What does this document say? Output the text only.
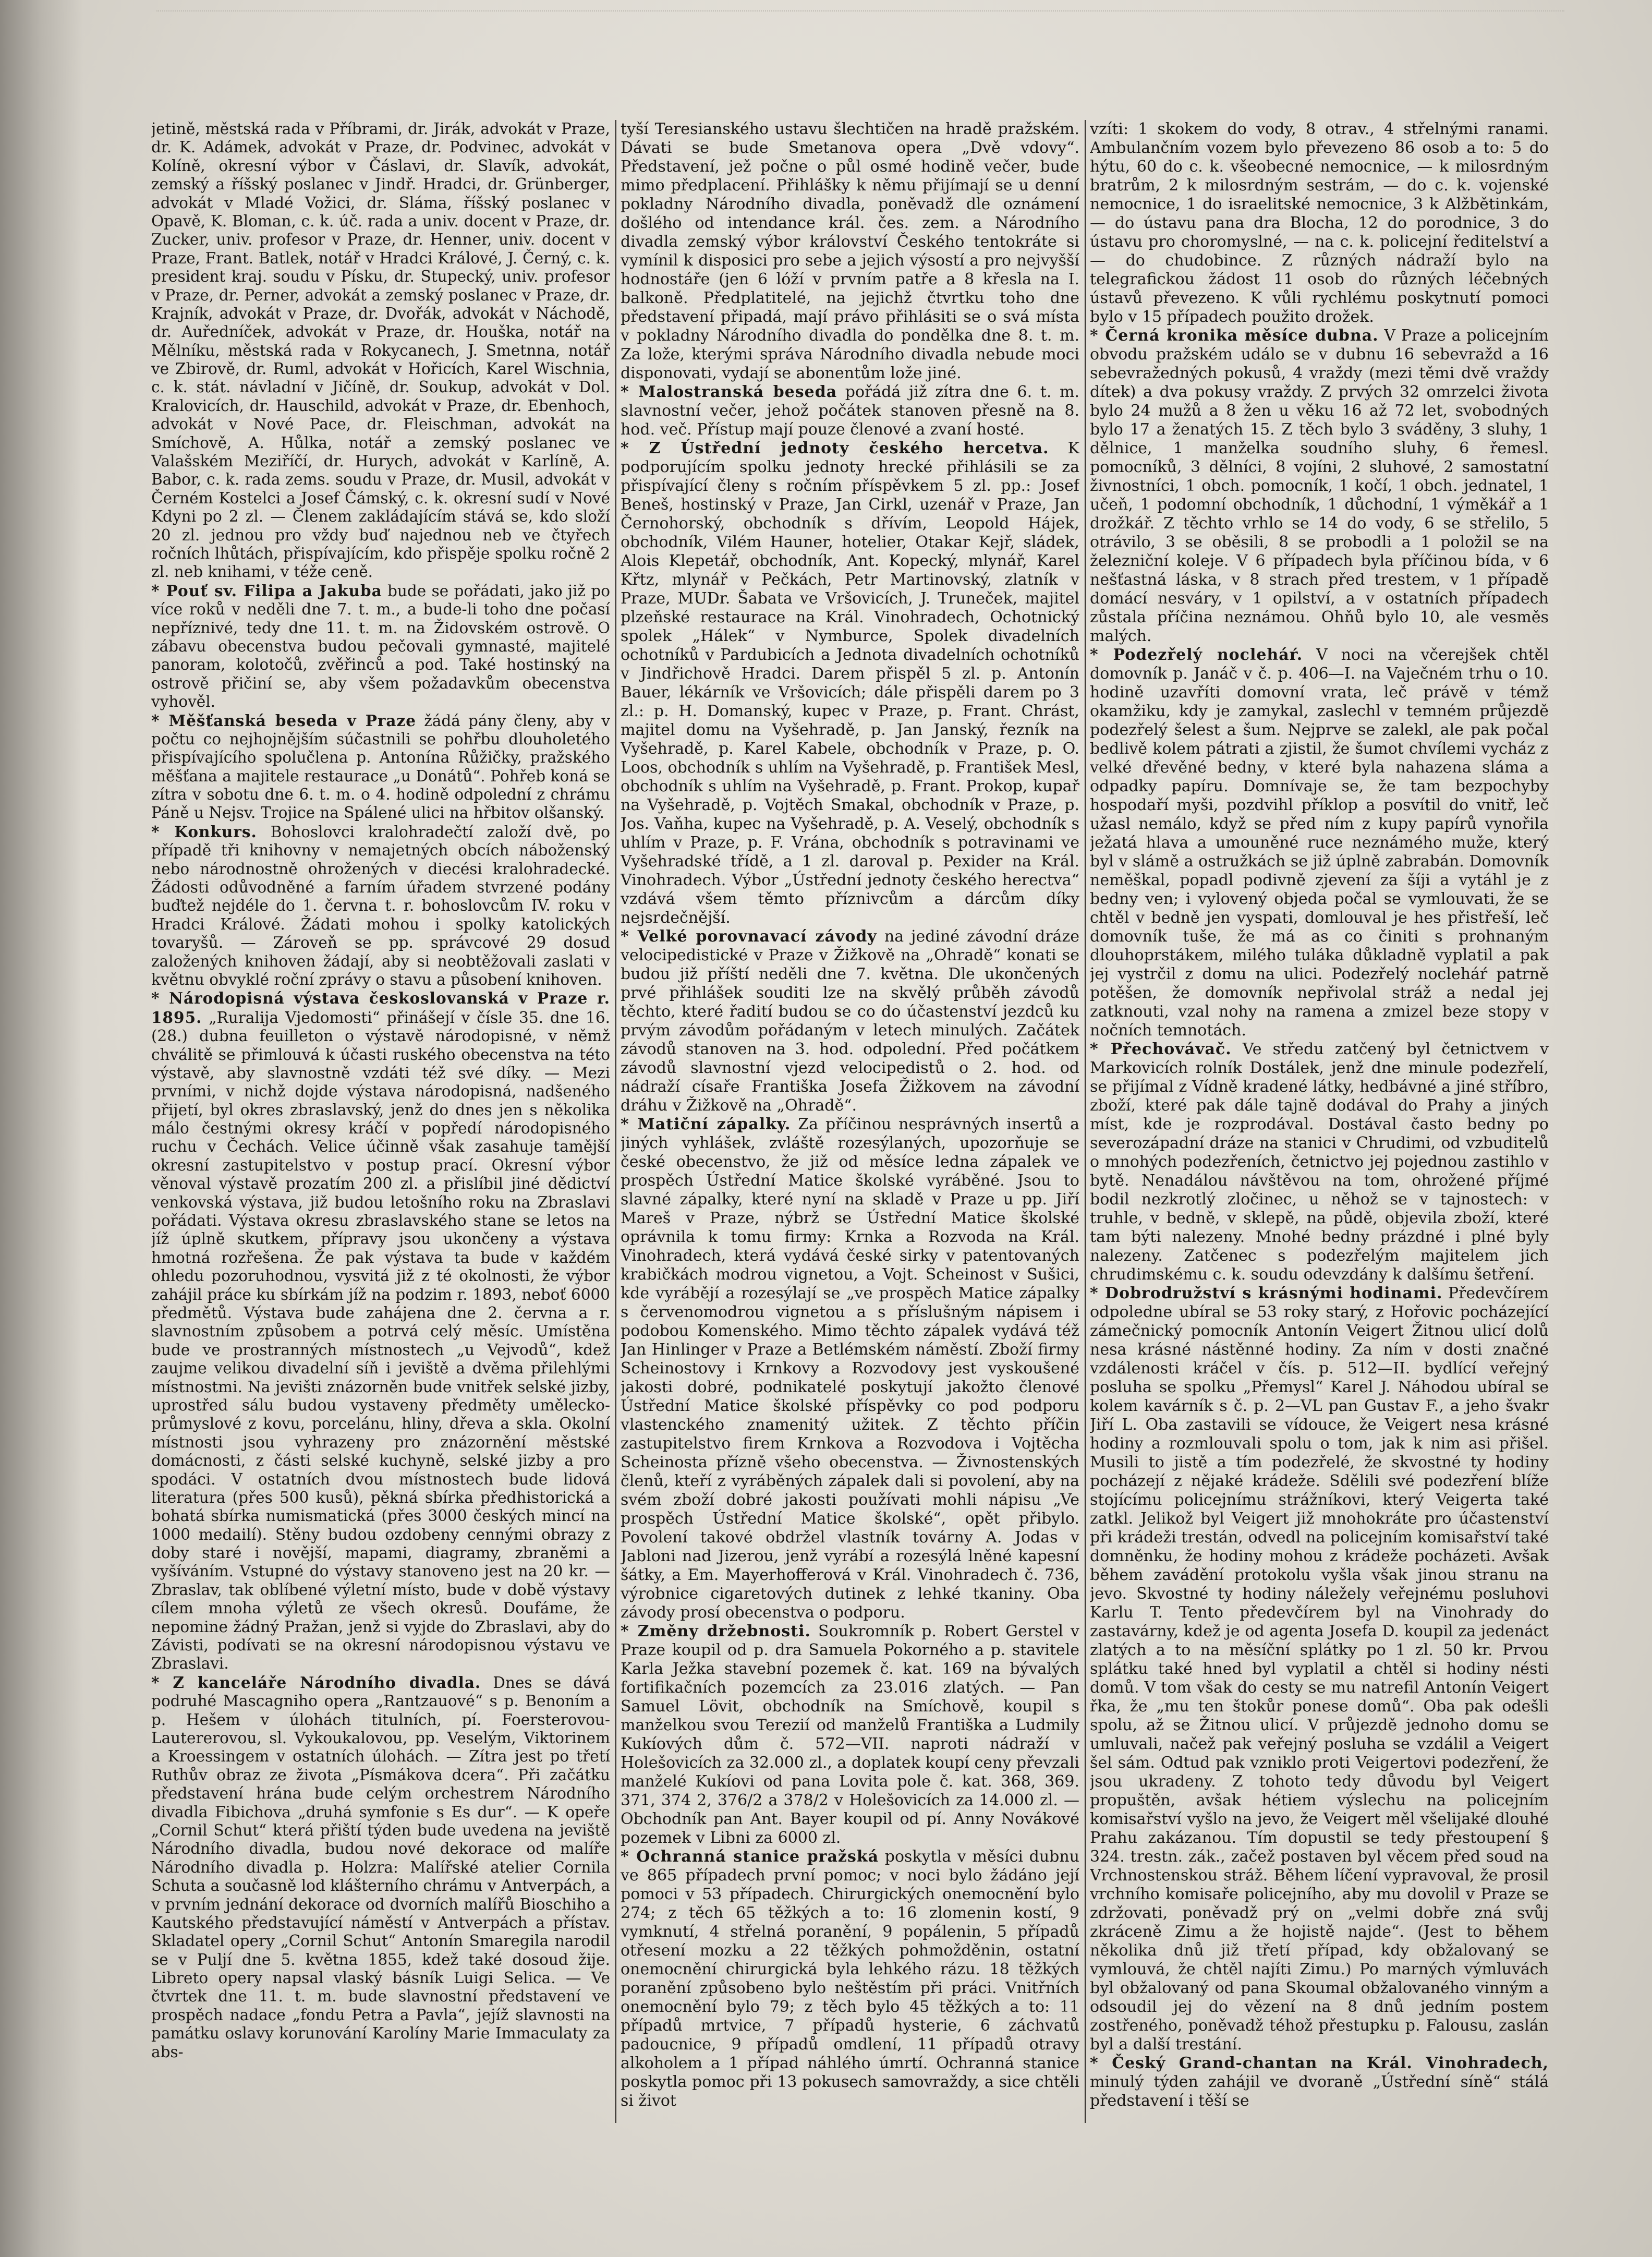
jetině, městská rada v Příbrami, dr. Jirák, advokát v Praze, dr. K. Adámek, advokát v Praze, dr. Podvinec, advokát v Kolíně, okresní výbor v Čáslavi, dr. Slavík, advokát, zemský a říšský poslanec v Jindř. Hradci, dr. Grünberger, advokát v Mladé Vožici, dr. Sláma, říšský poslanec v Opavě, K. Bloman, c. k. úč. rada a univ. docent v Praze, dr. Zucker, univ. profesor v Praze, dr. Henner, univ. docent v Praze, Frant. Batlek, notář v Hradci Králové, J. Černý, c. k. president kraj. soudu v Písku, dr. Stupecký, univ. profesor v Praze, dr. Perner, advokát a zemský poslanec v Praze, dr. Krajník, advokát v Praze, dr. Dvořák, advokát v Náchodě, dr. Auředníček, advokát v Praze, dr. Houška, notář na Mělníku, městská rada v Rokycanech, J. Smetnna, notář ve Zbirově, dr. Ruml, advokát v Hořicích, Karel Wischnia, c. k. stát. návladní v Jičíně, dr. Soukup, advokát v Dol. Kralovicích, dr. Hauschild, advokát v Praze, dr. Ebenhoch, advokát v Nové Pace, dr. Fleischman, advokát na Smíchově, A. Hůlka, notář a zemský poslanec ve Valašském Meziříčí, dr. Hurych, advokát v Karlíně, A. Babor, c. k. rada zems. soudu v Praze, dr. Musil, advokát v Černém Kostelci a Josef Čámský, c. k. okresní sudí v Nové Kdyni po 2 zl. — Členem zakládajícím stává se, kdo složí 20 zl. jednou pro vždy buď najednou neb ve čtyřech ročních lhůtách, přispívajícím, kdo přispěje spolku ročně 2 zl. neb knihami, v téže ceně.

* Pouť sv. Filipa a Jakuba bude se pořádati, jako již po více roků v neděli dne 7. t. m., a bude-li toho dne počasí nepříznivé, tedy dne 11. t. m. na Židovském ostrově. O zábavu obecenstva budou pečovali gymnasté, majitelé panoram, kolotočů, zvěřinců a pod. Také hostinský na ostrově přičiní se, aby všem požadavkům obecenstva vyhověl.

* Měšťanská beseda v Praze žádá pány členy, aby v počtu co nejhojnějším súčastnili se pohřbu dlouholetého přispívajícího spolučlena p. Antonína Růžičky, pražského měšťana a majitele restaurace „u Donátů“. Pohřeb koná se zítra v sobotu dne 6. t. m. o 4. hodině odpolední z chrámu Páně u Nejsv. Trojice na Spálené ulici na hřbitov olšanský.

* Konkurs. Bohoslovci kralohradečtí založí dvě, po případě tři knihovny v nemajetných obcích náboženský nebo národnostně ohrožených v diecési kralohradecké. Žádosti odůvodněné a farním úřadem stvrzené podány buďtež nejdéle do 1. červnа t. r. bohoslovcům IV. roku v Hradci Králové. Žádati mohou i spolky katolických tovaryšů. — Zároveň se pp. správcové 29 dosud založených knihoven žádají, aby si neobtěžovali zaslati v květnu obvyklé roční zprávy o stavu a působení knihoven.

* Národopisná výstava českoslovanská v Praze r. 1895. „Ruralija Vjedomosti“ přinášejí v čísle 35. dne 16. (28.) dubna feuilleton o výstavě národopisné, v němž chválitě se přimlouvá k účasti ruského obecenstva na této výstavě, aby slavnostně vzdáti též své díky. — Mezi prvními, v nichž dojde výstava národopisná, nadšeného přijetí, byl okres zbraslavský, jenž do dnes jen s několika málo čestnými okresy kráčí v popředí národopisného ruchu v Čechách. Velice účinně však zasahuje tamější okresní zastupitelstvo v postup prací. Okresní výbor věnoval výstavě prozatím 200 zl. a přislíbil jiné dědictví venkovská výstava, již budou letošního roku na Zbraslavi pořádati. Výstava okresu zbraslavského stane se letos na jíž úplně skutkem, přípravy jsou ukončeny a výstava hmotná rozřešena. Že pak výstava ta bude v každém ohledu pozoruhodnou, vysvitá již z té okolnosti, že výbor zahájil práce ku sbírkám jíž na podzim r. 1893, neboť 6000 předmětů. Výstava bude zahájena dne 2. června a r. slavnostním způsobem a potrvá celý měsíc. Umístěna bude ve prostranných místnostech „u Vejvodů“, kdež zaujme velikou divadelní síň i jeviště a dvěma přilehlými místnostmi. Na jevišti znázorněn bude vnitřek selské jizby, uprostřed sálu budou vystaveny předměty umělecko-průmyslové z kovu, porcelánu, hliny, dřeva a skla. Okolní místnosti jsou vyhrazeny pro znázornění městské domácnosti, z části selské kuchyně, selské jizby a pro spodáci. V ostatních dvou místnostech bude lidová literatura (přes 500 kusů), pěkná sbírka předhistorická a bohatá sbírka numismatická (přes 3000 českých mincí na 1000 medailí). Stěny budou ozdobeny cennými obrazy z doby staré i novější, mapami, diagramy, zbraněmi a vyšíváním. Vstupné do výstavy stanoveno jest na 20 kr. — Zbraslav, tak oblíbené výletní místo, bude v době výstavy cílem mnoha výletů ze všech okresů. Doufáme, že nepomine žádný Pražan, jenž si vyjde do Zbraslavi, aby do Závisti, podívati se na okresní národopisnou výstavu ve Zbraslavi.

* Z kanceláře Národního divadla. Dnes se dává podruhé Mascagniho opera „Rantzauové“ s p. Benoním a p. Hešem v úlohách titulních, pí. Foersterovou-Lautererovou, sl. Vykoukalovou, pp. Veselým, Viktorinem a Kroessingem v ostatních úlohách. — Zítra jest po třetí Ruthův obraz ze života „Písmákova dcera“. Při začátku představení hrána bude celým orchestrem Národního divadla Fibichova „druhá symfonie s Es dur“. — K opeře „Cornil Schut“ která přiští týden bude uvedena na jeviště Národního divadla, budou nové dekorace od malíře Národního divadla p. Holzra: Malířské atelier Cornila Schuta a současně lod klášterního chrámu v Antverpách, a v prvním jednání dekorace od dvorních malířů Bioschiho a Kautského představující náměstí v Antverpách a přístav. Skladatel opery „Cornil Schut“ Antonín Smaregila narodil se v Puljí dne 5. května 1855, kdež také dosoud žije. Libreto opery napsal vlaský básník Luigi Selica. — Ve čtvrtek dne 11. t. m. bude slavnostní představení ve prospěch nadace „fondu Petra a Pavla“, jejíž slavnosti na památku oslavy korunování Karolíny Marie Immaculaty za abs-

tyší Teresianského ustavu šlechtičen na hradě pražském. Dávati se bude Smetanova opera „Dvě vdovy“. Představení, jež počne o půl osmé hodině večer, bude mimo předplacení. Přihlášky k němu přijímají se u denní pokladny Národního divadla, poněvadž dle oznámení došlého od intendance král. čes. zem. a Národního divadla zemský výbor království Českého tentokráte si vymínil k disposici pro sebe a jejich výsostí a pro nejvyšší hodnostáře (jen 6 lóží v prvním patře a 8 křesla na I. balkoně. Předplatitelé, na jejichž čtvrtku toho dne představení připadá, mají právo přihlásiti se o svá místa v pokladny Národního divadla do pondělka dne 8. t. m. Za lože, kterými správa Národního divadla nebude moci disponovati, vydají se abonentům lože jiné.

* Malostranská beseda pořádá již zítra dne 6. t. m. slavnostní večer, jehož počátek stanoven přesně na 8. hod. več. Přístup mají pouze členové a zvaní hosté.

* Z Ústřední jednoty českého hercetva. K podporujícím spolku jednoty hrecké přihlásili se za přispívající členy s ročním příspěvkem 5 zl. pp.: Josef Beneš, hostinský v Praze, Jan Cirkl, uzenář v Praze, Jan Černohorský, obchodník s dřívím, Leopold Hájek, obchodník, Vilém Hauner, hotelier, Otakar Kejř, sládek, Alois Klepetář, obchodník, Ant. Kopecký, mlynář, Karel Křtz, mlynář v Pečkách, Petr Martinovský, zlatník v Praze, MUDr. Šabata ve Vršovicích, J. Truneček, majitel plzeňské restaurace na Král. Vinohradech, Ochotnický spolek „Hálek“ v Nymburce, Spolek divadelních ochotníků v Pardubicích a Jednota divadelních ochotníků v Jindřichově Hradci. Darem přispěl 5 zl. p. Antonín Bauer, lékárník ve Vršovicích; dále přispěli darem po 3 zl.: p. H. Domanský, kupec v Praze, p. Frant. Chrást, majitel domu na Vyšehradě, p. Jan Janský, řezník na Vyšehradě, p. Karel Kabele, obchodník v Praze, p. O. Loos, obchodník s uhlím na Vyšehradě, p. František Mesl, obchodník s uhlím na Vyšehradě, p. Frant. Prokop, kupař na Vyšehradě, p. Vojtěch Smakal, obchodník v Praze, p. Jos. Vaňha, kupec na Vyšehradě, p. A. Veselý, obchodník s uhlím v Praze, p. F. Vrána, obchodník s potravinami ve Vyšehradské třídě, a 1 zl. daroval p. Pexider na Král. Vinohradech. Výbor „Ústřední jednoty českého herectva“ vzdává všem těmto příznivcům a dárcům díky nejsrdečnější.

* Velké porovnavací závody na jediné závodní dráze velocipedistické v Praze v Žižkově na „Ohradě“ konati se budou již příští neděli dne 7. května. Dle ukončených prvé přihlášek souditi lze na skvělý průběh závodů těchto, které řadití budou se co do účastenství jezdců ku prvým závodům pořádaným v letech minulých. Začátek závodů stanoven na 3. hod. odpolední. Před počátkem závodů slavnostní vjezd velocipedistů o 2. hod. od nádraží císaře Františka Josefa Žižkovem na závodní dráhu v Žižkově na „Ohradě“.

* Matiční zápalky. Za příčinou nesprávných insertů a jiných vyhlášek, zvláště rozesýlaných, upozorňuje se české obecenstvo, že již od měsíce ledna zápalek ve prospěch Ústřední Matice školské vyráběné. Jsou to slavné zápalky, které nyní na skladě v Praze u pp. Jiří Mareš v Praze, nýbrž se Ústřední Matice školské oprávnila k tomu firmy: Krnka a Rozvoda na Král. Vinohradech, která vydává české sirky v patentovaných krabičkách modrou vignetou, a Vojt. Scheinost v Sušici, kde vyrábějí a rozesýlají se „ve prospěch Matice zápalky s červenomodrou vignetou a s příslušným nápisem i podobou Komenského. Mimo těchto zápalek vydává též Jan Hinlinger v Praze a Betlémském náměstí. Zboží firmy Scheinostovy i Krnkovy a Rozvodovy jest vyskoušené jakosti dobré, podnikatelé poskytují jakožto členové Ústřední Matice školské příspěvky co pod podporu vlastenckého znamenitý užitek. Z těchto příčin zastupitelstvo firem Krnkova a Rozvodova i Vojtěcha Scheinosta přízně všeho obecenstva. — Živnostenských členů, kteří z vyráběných zápalek dali si povolení, aby na svém zboží dobré jakosti používati mohli nápisu „Ve prospěch Ústřední Matice školské“, opět přibylo. Povolení takové obdržel vlastník továrny A. Jodas v Jabloni nad Jizerou, jenž vyrábí a rozesýlá lněné kapesní šátky, a Em. Mayerhofferová v Král. Vinohradech č. 736, výrobnice cigaretových dutinek z lehké tkaniny. Oba závody prosí obecenstva o podporu.

* Změny držebnosti. Soukromník p. Robert Gerstel v Praze koupil od p. dra Samuela Pokorného a p. stavitele Karla Ježka stavební pozemek č. kat. 169 na bývalých fortifikačních pozemcích za 23.016 zlatých. — Pan Samuel Lövit, obchodník na Smíchově, koupil s manželkou svou Terezií od manželů Františka a Ludmily Kukíových dům č. 572—VII. naproti nádraží v Holešovicích za 32.000 zl., a doplatek koupí ceny převzali manželé Kukíovi od pana Lovita pole č. kat. 368, 369. 371, 374 2, 376/2 a 378/2 v Holešovicích za 14.000 zl. — Obchodník pan Ant. Bayer koupil od pí. Anny Novákové pozemek v Libni za 6000 zl.

* Ochranná stanice pražská poskytla v měsíci dubnu ve 865 případech první pomoc; v noci bylo žádáno její pomoci v 53 případech. Chirurgických onemocnění bylo 274; z těch 65 těžkých a to: 16 zlomenin kostí, 9 vymknutí, 4 střelná poranění, 9 popálenin, 5 případů otřesení mozku a 22 těžkých pohmožděnin, ostatní onemocnění chirurgická byla lehkého rázu. 18 těžkých poranění způsobeno bylo neštěstím při práci. Vnitřních onemocnění bylo 79; z těch bylo 45 těžkých a to: 11 případů mrtvice, 7 případů hysterie, 6 záchvatů padoucnice, 9 případů omdlení, 11 případů otravy alkoholem a 1 případ náhlého úmrtí. Ochranná stanice poskytla pomoc při 13 pokusech samovraždy, a sice chtěli si život

vzíti: 1 skokem do vody, 8 otrav., 4 střelnými ranami. Ambulančním vozem bylo převezeno 86 osob a to: 5 do hýtu, 60 do c. k. všeobecné nemocnice, — k milosrdným bratrům, 2 k milosrdným sestrám, — do c. k. vojenské nemocnice, 1 do israelitské nemocnice, 3 k Alžbětinkám, — do ústavu pana dra Blocha, 12 do porodnice, 3 do ústavu pro choromyslné, — na c. k. policejní ředitelství a — do chudobince. Z různých nádraží bylo na telegrafickou žádost 11 osob do různých léčebných ústavů převezeno. K vůli rychlému poskytnutí pomoci bylo v 15 případech použito drožek.

* Černá kronika měsíce dubna. V Praze a policejním obvodu pražském událo se v dubnu 16 sebevražd a 16 sebevražedných pokusů, 4 vraždy (mezi těmi dvě vraždy dítek) a dva pokusy vraždy. Z prvých 32 omrzelci života bylo 24 mužů a 8 žen u věku 16 až 72 let, svobodných bylo 17 a ženatých 15. Z těch bylo 3 sváděny, 3 sluhy, 1 dělnice, 1 manželka soudního sluhy, 6 řemesl. pomocníků, 3 dělníci, 8 vojíni, 2 sluhové, 2 samostatní živnostníci, 1 obch. pomocník, 1 kočí, 1 obch. jednatel, 1 učeň, 1 podomní obchodník, 1 důchodní, 1 výměkář a 1 drožkář. Z těchto vrhlo se 14 do vody, 6 se střelilo, 5 otrávilo, 3 se oběsili, 8 se probodli a 1 položil se na železniční koleje. V 6 případech byla příčinou bída, v 6 nešťastná láska, v 8 strach před trestem, v 1 případě domácí nesváry, v 1 opilství, a v ostatních případech zůstala příčina neznámou. Ohňů bylo 10, ale vesměs malých.

* Podezřelý nocleháŕ. V noci na včerejšek chtěl domovník p. Janáč v č. p. 406—I. na Vaječném trhu o 10. hodině uzavříti domovní vrata, leč právě v témž okamžiku, kdy je zamykal, zaslechl v temném průjezdě podezřelý šelest a šum. Nejprve se zalekl, ale pak počal bedlivě kolem pátrati a zjistil, že šumot chvílemi vycház z velké dřevěné bedny, v které byla nahazena sláma a odpadky papíru. Domnívaje se, že tam bezpochyby hospodaří myši, pozdvihl příklop a posvítil do vnitř, leč užasl nemálo, když se před ním z kupy papírů vynořila ježatá hlava a umouněné ruce neznámého muže, který byl v slámě a ostružkách se již úplně zabrabán. Domovník neměškal, popadl podivně zjevení za šíji a vytáhl je z bedny ven; i vylovený objeda počal se vymlouvati, že se chtěl v bedně jen vyspati, domlouval je hes přistřeší, leč domovník tuše, že má as co činiti s prohnaným dlouhoprstákem, milého tuláka důkladně vyplatil a pak jej vystrčil z domu na ulici. Podezřelý nocleháŕ patrně potěšen, že domovník nepřivolal stráž a nedal jej zatknouti, vzal nohy na ramena a zmizel beze stopy v nočních temnotách.

* Přechovávač. Ve středu zatčený byl četnictvem v Markovicích rolník Dostálek, jenž dne minule podezřelí, se přijímal z Vídně kradené látky, hedbávné a jiné stříbro, zboží, které pak dále tajně dodával do Prahy a jiných míst, kde je rozprodával. Dostával často bedny po severozápadní dráze na stanici v Chrudimi, od vzbuditelů o mnohých podezřeních, četnictvo jej pojednou zastihlo v bytě. Nenadálou návštěvou na tom, ohrožené příjmé bodil nezkrotlý zločinec, u něhož se v tajnostech: v truhle, v bedně, v sklepě, na půdě, objevila zboží, které tam býti nalezeny. Mnohé bedny prázdné i plné byly nalezeny. Zatčenec s podezřelým majitelem jich chrudimskému c. k. soudu odevzdány k dalšímu šetření.

* Dobrodružství s krásnými hodinami. Předevčírem odpoledne ubíral se 53 roky starý, z Hořovic pocházející zámečnický pomocník Antonín Veigert Žitnou ulicí dolů nesa krásné nástěnné hodiny. Za ním v dosti značné vzdálenosti kráčel v čís. p. 512—II. bydlící veřejný posluha se spolku „Přemysl“ Karel J. Náhodou ubíral se kolem kavárník s č. p. 2—VL pan Gustav F., a jeho švakr Jiří L. Oba zastavili se vídouce, že Veigert nesa krásné hodiny a rozmlouvali spolu o tom, jak k nim asi přišel. Musili to jistě a tím podezřelé, že skvostné ty hodiny pocházejí z nějaké krádeže. Sdělili své podezření blíže stojícímu policejnímu strážníkovi, který Veigerta také zatkl. Jelikož byl Veigert již mnohokráte pro účastenství při krádeži trestán, odvedl na policejním komisařství také domněnku, že hodiny mohou z krádeže pocházeti. Avšak během zavádění protokolu vyšla však jinou stranu na jevo. Skvostné ty hodiny náležely veřejnému posluhovi Karlu T. Tento předevčírem byl na Vinohrady do zastavárny, kdež je od agenta Josefa D. koupil za jedenáct zlatých a to na měsíční splátky po 1 zl. 50 kr. Prvou splátku také hned byl vyplatil a chtěl si hodiny nésti domů. V tom však do cesty se mu natrefil Antonín Veigert řka, že „mu ten štokůr ponese domů“. Oba pak odešli spolu, až se Žitnou ulicí. V průjezdě jednoho domu se umluvali, načež pak veřejný posluha se vzdálil a Veigert šel sám. Odtud pak vzniklo proti Veigertovi podezření, že jsou ukradeny. Z tohoto tedy důvodu byl Veigert propuštěn, avšak hétiem výslechu na policejním komisařství vyšlo na jevo, že Veigert měl všelijaké dlouhé Prahu zakázanou. Tím dopustil se tedy přestoupení § 324. trestn. zák., začež postaven byl věcem před soud na Vrchnostenskou stráž. Během líčení vypravoval, že prosil vrchního komisaře policejního, aby mu dovolil v Praze se zdržovati, poněvadž prý on „velmi dobře zná svůj zkráceně Zimu a že hojistě najde“. (Jest to během několika dnů již třetí případ, kdy obžalovaný se vymlouvá, že chtěl najíti Zimu.) Po marných výmluvách byl obžalovaný od pana Skoumal obžalovaného vinným a odsoudil jej do vězení na 8 dnů jedním postem zostřeného, poněvadž téhož přestupku p. Falousu, zaslán byl a další trestání.

* Český Grand-chantan na Král. Vinohradech, minulý týden zahájil ve dvoraně „Ústřední síně“ stálá představení i těší se
